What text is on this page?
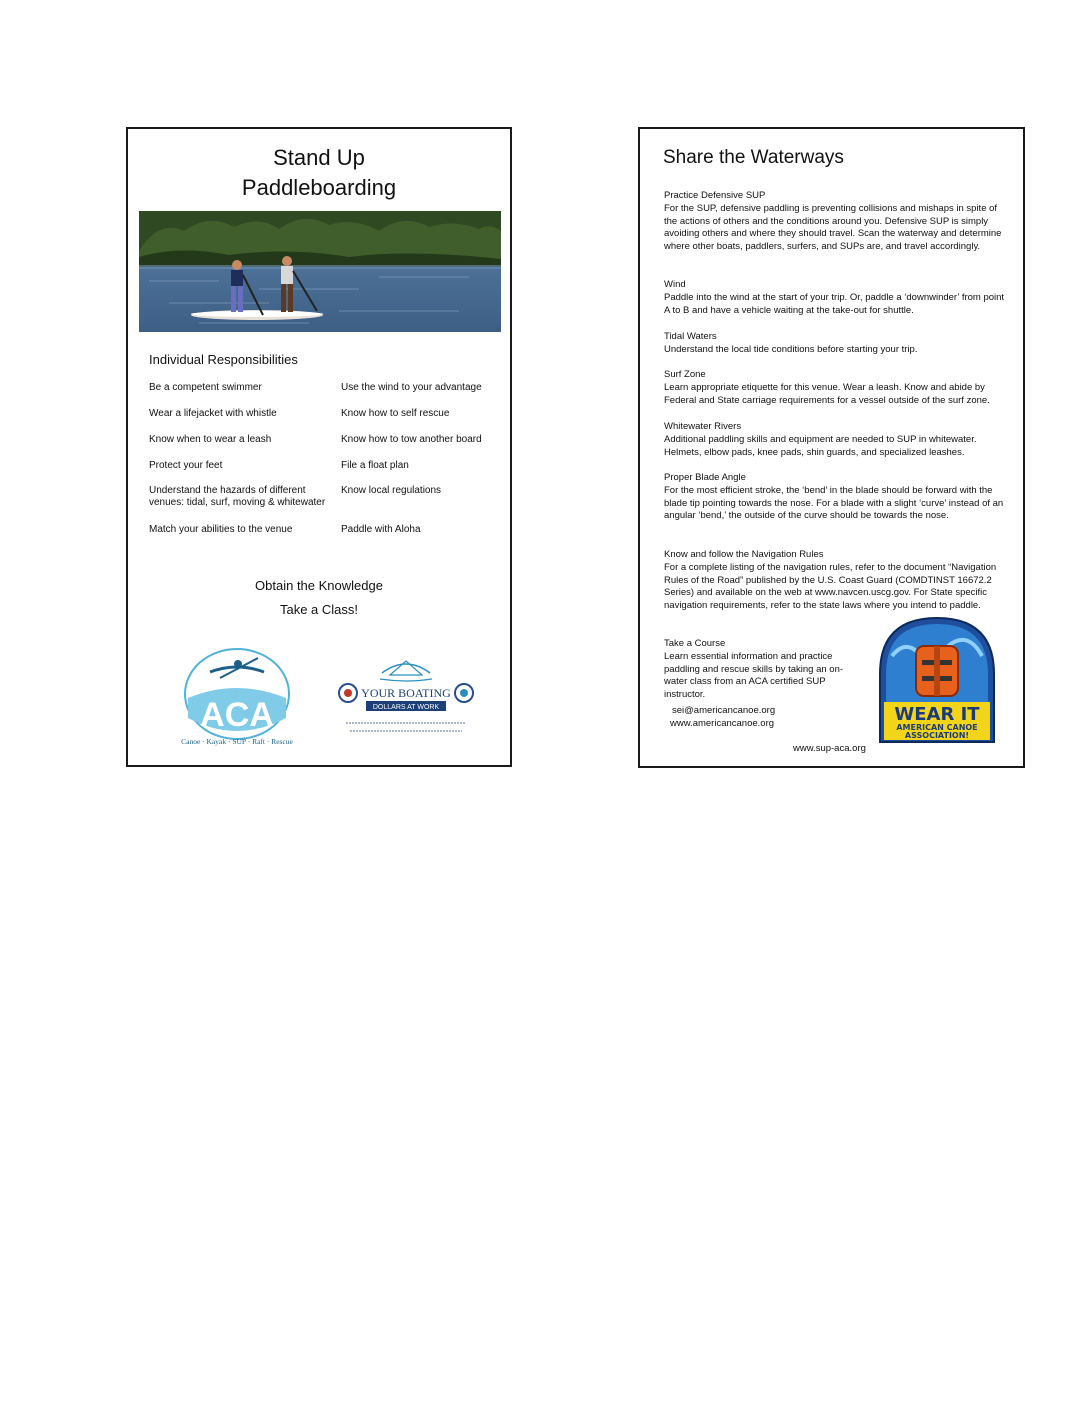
Stand Up
Paddleboarding
Individual Responsibilities
Be a competent swimmer
Wear a lifejacket with whistle
Know when to wear a leash
Protect your feet
Understand the hazards of different venues: tidal, surf, moving & whitewater
Match your abilities to the venue
Use the wind to your advantage
Know how to self rescue
Know how to tow another board
File a float plan
Know local regulations
Paddle with Aloha
Obtain the Knowledge
Take a Class!
ACA
Canoe · Kayak · SUP · Raft · Rescue
YOUR BOATING
DOLLARS AT WORK
Share the Waterways
Practice Defensive SUP
For the SUP, defensive paddling is preventing collisions and mishaps in spite of the actions of others and the conditions around you. Defensive SUP is simply avoiding others and where they should travel. Scan the waterway and determine where other boats, paddlers, surfers, and SUPs are, and travel accordingly.
Wind
Paddle into the wind at the start of your trip. Or, paddle a ‘downwinder’ from point A to B and have a vehicle waiting at the take-out for shuttle.
Tidal Waters
Understand the local tide conditions before starting your trip.
Surf Zone
Learn appropriate etiquette for this venue. Wear a leash. Know and abide by Federal and State carriage requirements for a vessel outside of the surf zone.
Whitewater Rivers
Additional paddling skills and equipment are needed to SUP in whitewater. Helmets, elbow pads, knee pads, shin guards, and specialized leashes.
Proper Blade Angle
For the most efficient stroke, the ‘bend’ in the blade should be forward with the blade tip pointing towards the nose. For a blade with a slight ‘curve’ instead of an angular ‘bend,’ the outside of the curve should be towards the nose.
Know and follow the Navigation Rules
For a complete listing of the navigation rules, refer to the document “Navigation Rules of the Road” published by the U.S. Coast Guard (COMDTINST 16672.2 Series) and available on the web at www.navcen.uscg.gov. For State specific navigation requirements, refer to the state laws where you intend to paddle.
Take a Course
Learn essential information and practice paddling and rescue skills by taking an on-water class from an ACA certified SUP instructor.
sei@americancanoe.org
www.americancanoe.org
www.sup-aca.org
WEAR IT
AMERICAN CANOE
ASSOCIATION!
